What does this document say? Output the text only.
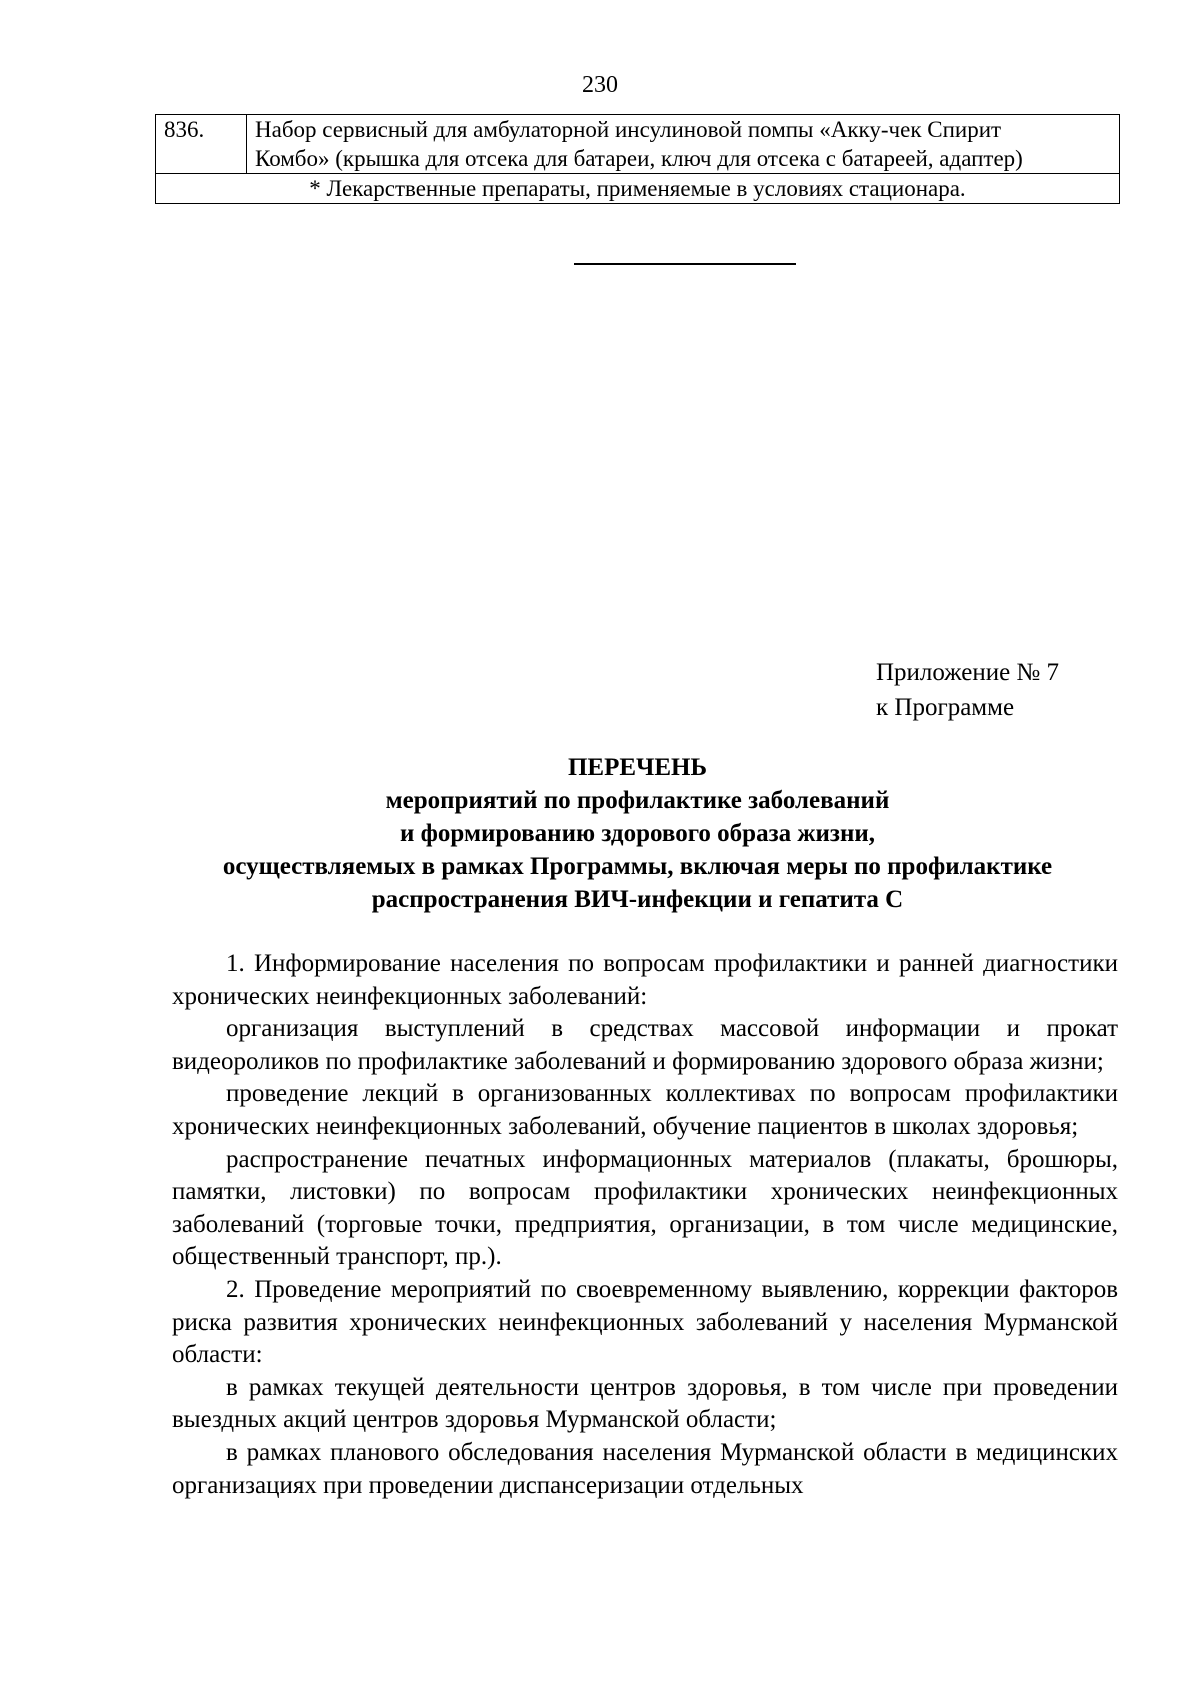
230
836.	Набор сервисный для амбулаторной инсулиновой помпы «Акку-чек Спирит
Комбо» (крышка для отсека для батареи, ключ для отсека с батареей, адаптер)

* Лекарственные препараты, применяемые в условиях стационара.
Приложение № 7
к Программе
ПЕРЕЧЕНЬ
мероприятий по профилактике заболеваний
и формированию здорового образа жизни,
осуществляемых в рамках Программы, включая меры по профилактике
распространения ВИЧ-инфекции и гепатита С

1. Информирование населения по вопросам профилактики и ранней диагностики хронических неинфекционных заболеваний:

организация выступлений в средствах массовой информации и прокат видеороликов по профилактике заболеваний и формированию здорового образа жизни;

проведение лекций в организованных коллективах по вопросам профилактики хронических неинфекционных заболеваний, обучение пациентов в школах здоровья;

распространение печатных информационных материалов (плакаты, брошюры, памятки, листовки) по вопросам профилактики хронических неинфекционных заболеваний (торговые точки, предприятия, организации, в том числе медицинские, общественный транспорт, пр.).

2. Проведение мероприятий по своевременному выявлению, коррекции факторов риска развития хронических неинфекционных заболеваний у населения Мурманской области:

в рамках текущей деятельности центров здоровья, в том числе при проведении выездных акций центров здоровья Мурманской области;

в рамках планового обследования населения Мурманской области в медицинских организациях при проведении диспансеризации отдельных
